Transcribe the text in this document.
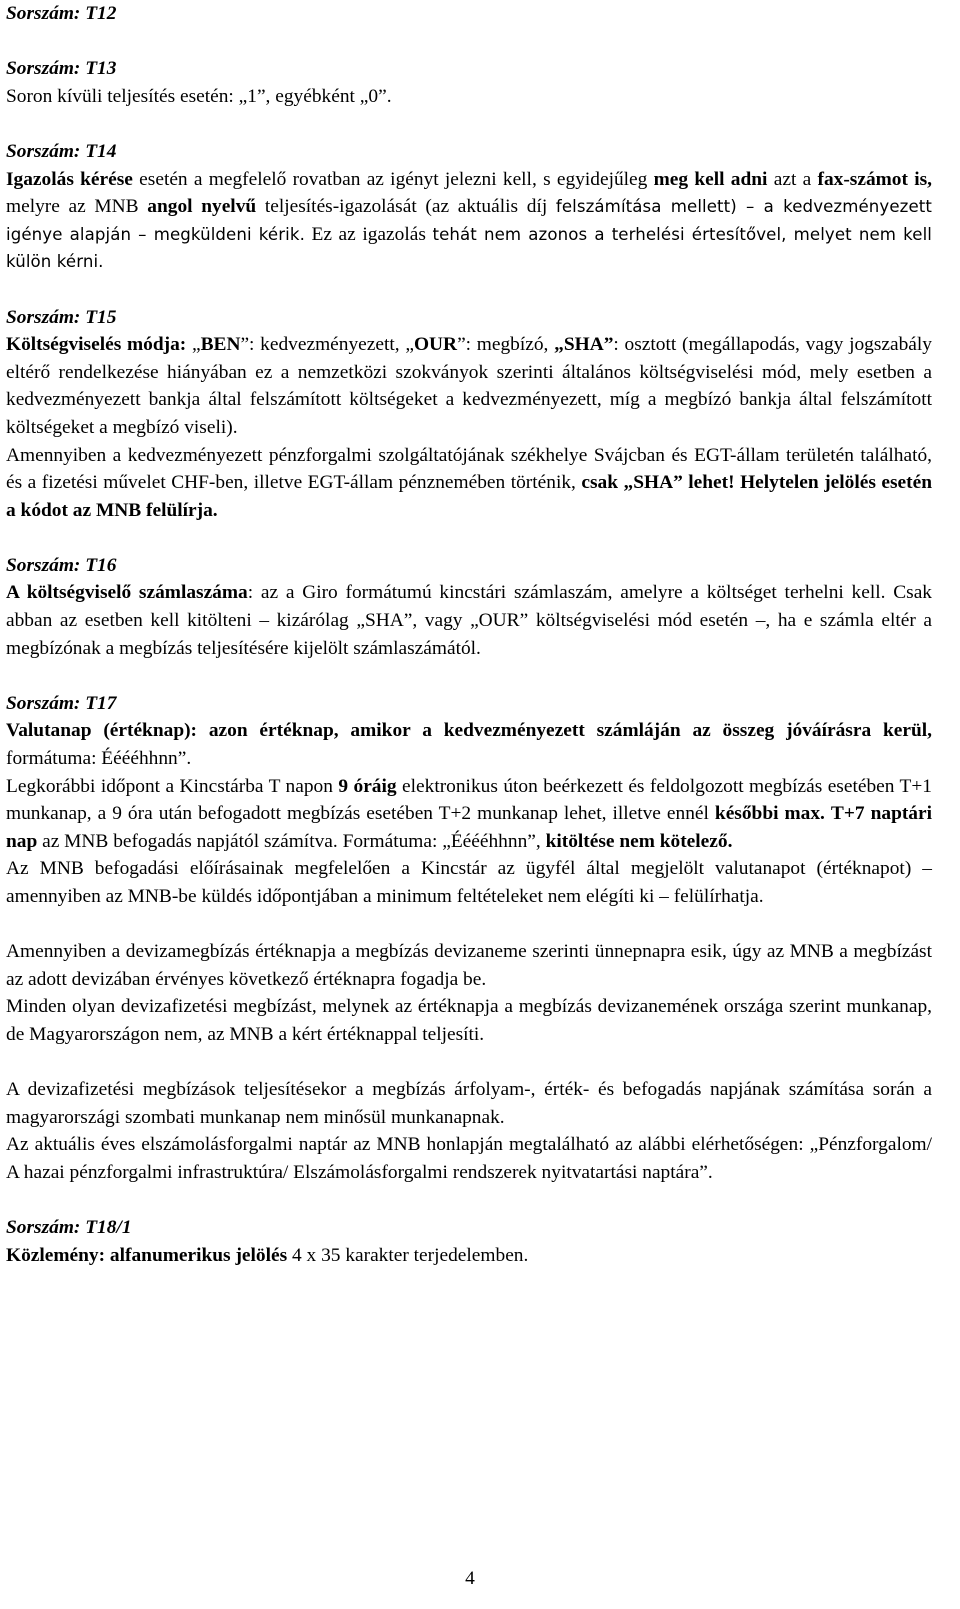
Sorszám: T12

Sorszám: T13

Soron kívüli teljesítés esetén: „1”, egyébként „0”.

Sorszám: T14

Igazolás kérése esetén a megfelelő rovatban az igényt jelezni kell, s egyidejűleg meg kell adni azt a fax-számot is, melyre az MNB angol nyelvű teljesítés-igazolását (az aktuális díj felszámítása mellett) – a kedvezményezett igénye alapján – megküldeni kérik. Ez az igazolás tehát nem azonos a terhelési értesítővel, melyet nem kell külön kérni.

Sorszám: T15

Költségviselés módja: „BEN”: kedvezményezett, „OUR”: megbízó, „SHA”: osztott (megállapodás, vagy jogszabály eltérő rendelkezése hiányában ez a nemzetközi szokványok szerinti általános költségviselési mód, mely esetben a kedvezményezett bankja által felszámított költségeket a kedvezményezett, míg a megbízó bankja által felszámított költségeket a megbízó viseli).

Amennyiben a kedvezményezett pénzforgalmi szolgáltatójának székhelye Svájcban és EGT-állam területén található, és a fizetési művelet CHF-ben, illetve EGT-állam pénznemében történik, csak „SHA” lehet! Helytelen jelölés esetén a kódot az MNB felülírja.

Sorszám: T16

A költségviselő számlaszáma: az a Giro formátumú kincstári számlaszám, amelyre a költséget terhelni kell. Csak abban az esetben kell kitölteni – kizárólag „SHA”, vagy „OUR” költségviselési mód esetén –, ha e számla eltér a megbízónak a megbízás teljesítésére kijelölt számlaszámától.

Sorszám: T17

Valutanap (értéknap): azon értéknap, amikor a kedvezményezett számláján az összeg jóváírásra kerül, formátuma: Ééééhhnn”.

Legkorábbi időpont a Kincstárba T napon 9 óráig elektronikus úton beérkezett és feldolgozott megbízás esetében T+1 munkanap, a 9 óra után befogadott megbízás esetében T+2 munkanap lehet, illetve ennél későbbi max. T+7 naptári nap az MNB befogadás napjától számítva. Formátuma: „Ééééhhnn”, kitöltése nem kötelező.

Az MNB befogadási előírásainak megfelelően a Kincstár az ügyfél által megjelölt valutanapot (értéknapot) – amennyiben az MNB-be küldés időpontjában a minimum feltételeket nem elégíti ki – felülírhatja.

Amennyiben a devizamegbízás értéknapja a megbízás devizaneme szerinti ünnepnapra esik, úgy az MNB a megbízást az adott devizában érvényes következő értéknapra fogadja be.

Minden olyan devizafizetési megbízást, melynek az értéknapja a megbízás devizanemének országa szerint munkanap, de Magyarországon nem, az MNB a kért értéknappal teljesíti.

A devizafizetési megbízások teljesítésekor a megbízás árfolyam-, érték- és befogadás napjának számítása során a magyarországi szombati munkanap nem minősül munkanapnak.

Az aktuális éves elszámolásforgalmi naptár az MNB honlapján megtalálható az alábbi elérhetőségen: „Pénzforgalom/ A hazai pénzforgalmi infrastruktúra/ Elszámolásforgalmi rendszerek nyitvatartási naptára”.

Sorszám: T18/1

Közlemény: alfanumerikus jelölés 4 x 35 karakter terjedelemben.

4
